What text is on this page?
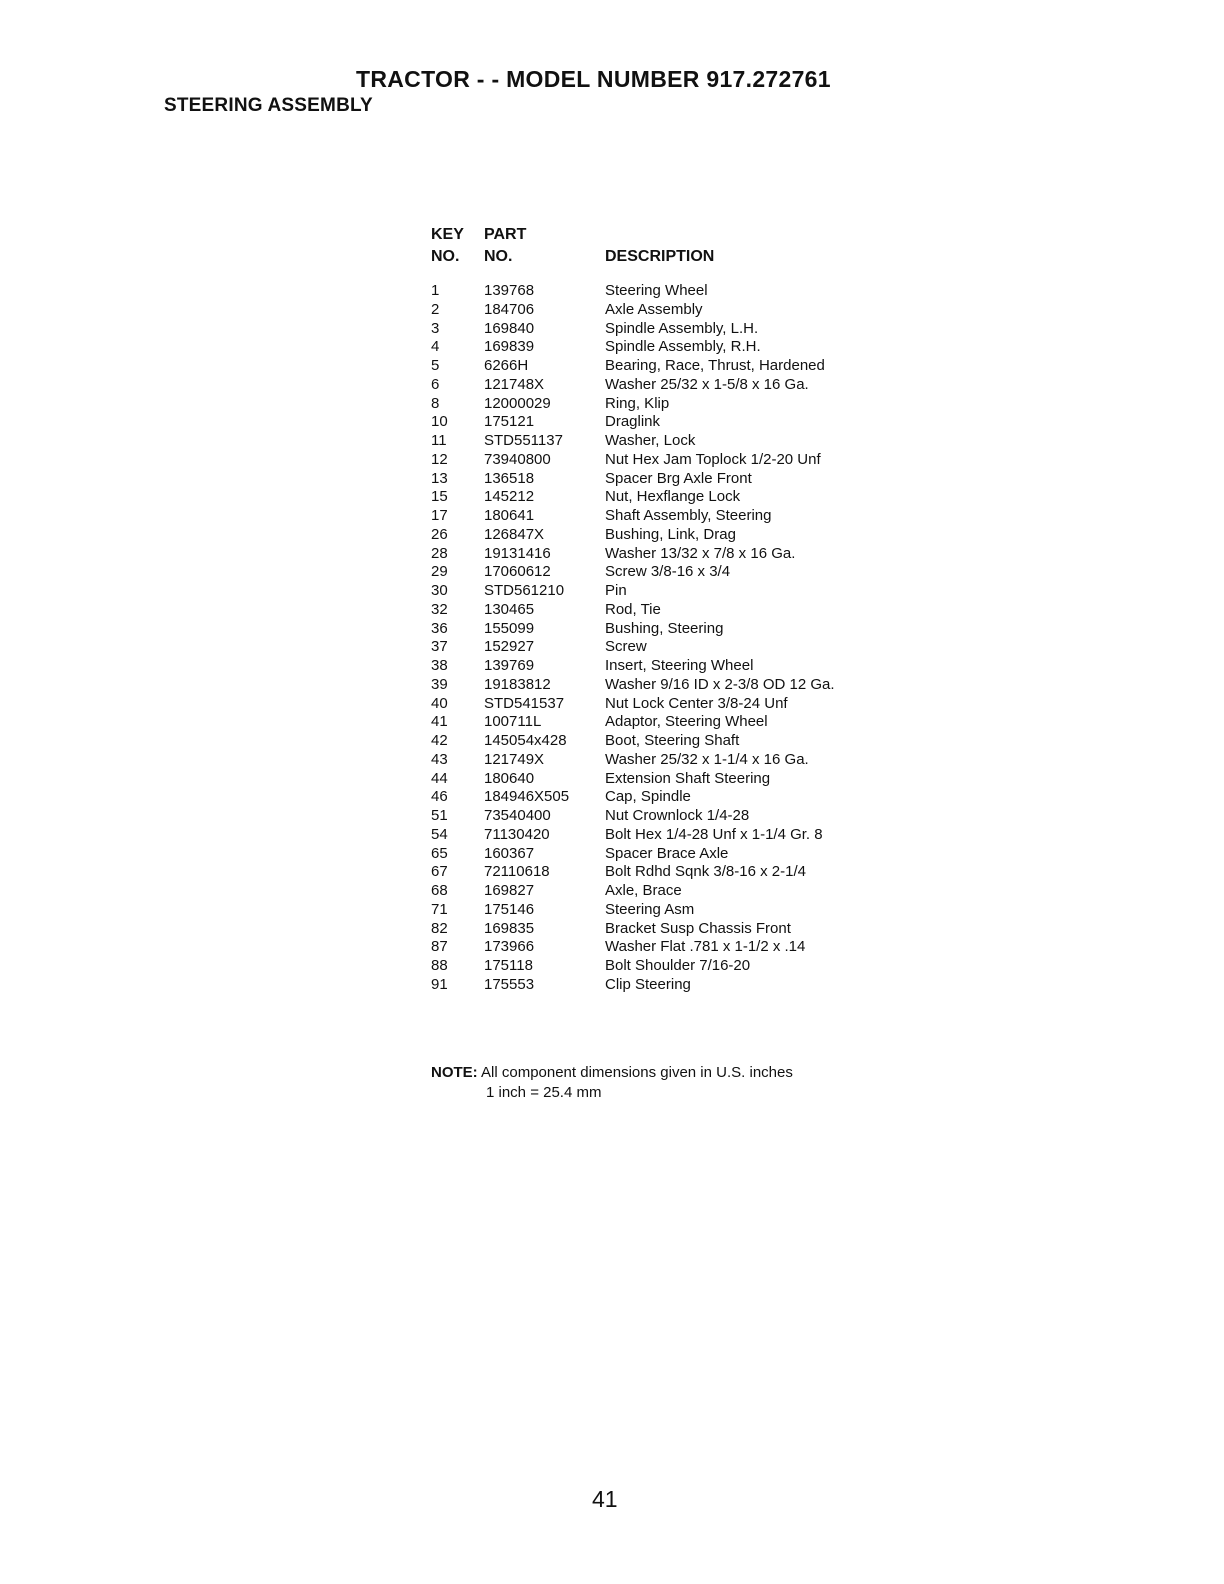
TRACTOR - - MODEL NUMBER 917.272761
STEERING ASSEMBLY
KEY
NO.
PART
NO.	DESCRIPTION
1	139768	Steering Wheel
2	184706	Axle Assembly
3	169840	Spindle Assembly, L.H.
4	169839	Spindle Assembly, R.H.
5	6266H	Bearing, Race, Thrust, Hardened
6	121748X	Washer 25/32 x 1-5/8 x 16 Ga.
8	12000029	Ring, Klip
10 175121	Draglink
11 STD551137	Washer, Lock
12 73940800	Nut Hex Jam Toplock 1/2-20 Unf
13 136518	Spacer Brg Axle Front
15 145212	Nut, Hexflange Lock
17 180641	Shaft Assembly, Steering
26 126847X	Bushing, Link, Drag
28 19131416	Washer 13/32 x 7/8 x 16 Ga.
29 17060612	Screw 3/8-16 x 3/4
30 STD561210	Pin
32 130465	Rod, Tie
36 155099	Bushing, Steering
37 152927	Screw
38 139769	Insert, Steering Wheel
39 19183812	Washer 9/16 ID x 2-3/8 OD 12 Ga.
40 STD541537	Nut Lock Center 3/8-24 Unf
41 100711L	Adaptor, Steering Wheel
42 145054x428	Boot, Steering Shaft
43 121749X	Washer 25/32 x 1-1/4 x 16 Ga.
44 180640	Extension Shaft Steering
46 184946X505 Cap, Spindle
51 73540400	Nut Crownlock 1/4-28
54 71130420	Bolt Hex 1/4-28 Unf x 1-1/4 Gr. 8
65 160367	Spacer Brace Axle
67 72110618	Bolt Rdhd Sqnk 3/8-16 x 2-1/4
68 169827	Axle, Brace
71 175146	Steering Asm
82 169835	Bracket Susp Chassis Front
87 173966	Washer Flat .781 x 1-1/2 x .14
88 175118	Bolt Shoulder 7/16-20
91 175553	Clip Steering
NOTE: All component dimensions given in U.S. inches
1 inch = 25.4 mm
41
